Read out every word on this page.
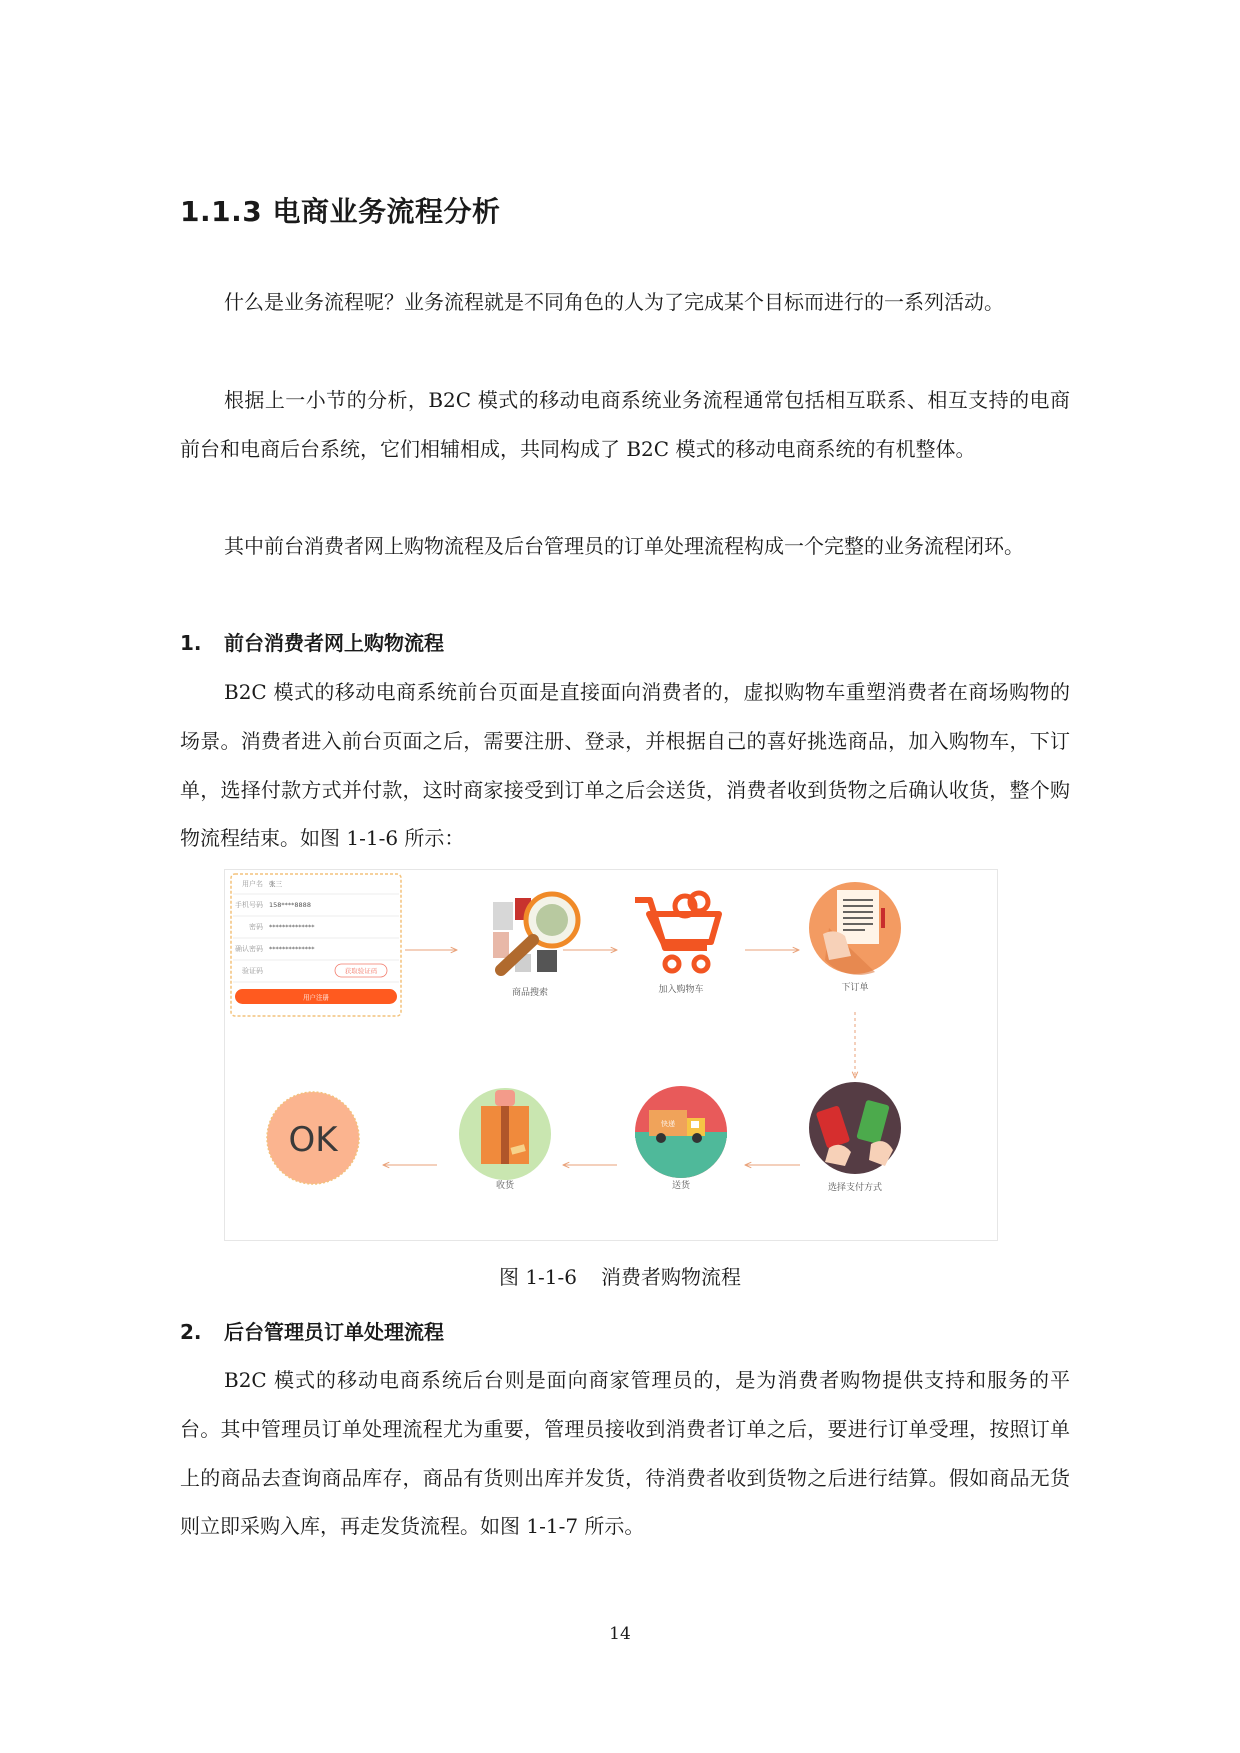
1.1.3 电商业务流程分析

什么是业务流程呢？业务流程就是不同角色的人为了完成某个目标而进行的一系列活动。

根据上一小节的分析，B2C 模式的移动电商系统业务流程通常包括相互联系、相互支持的电商前台和电商后台系统，它们相辅相成，共同构成了 B2C 模式的移动电商系统的有机整体。

其中前台消费者网上购物流程及后台管理员的订单处理流程构成一个完整的业务流程闭环。

1. 前台消费者网上购物流程

B2C 模式的移动电商系统前台页面是直接面向消费者的，虚拟购物车重塑消费者在商场购物的场景。消费者进入前台页面之后，需要注册、登录，并根据自己的喜好挑选商品，加入购物车，下订单，选择付款方式并付款，这时商家接受到订单之后会送货，消费者收到货物之后确认收货，整个购物流程结束。如图 1-1-6 所示：

用户名 张三
手机号码 158****8888
密码 **************
确认密码 **************
验证码	获取验证码
用户注册	商品搜索	加入购物车	下订单
选择支付方式
快递
送货
收货
OK
图 1-1-6 消费者购物流程
2. 后台管理员订单处理流程

B2C 模式的移动电商系统后台则是面向商家管理员的，是为消费者购物提供支持和服务的平台。其中管理员订单处理流程尤为重要，管理员接收到消费者订单之后，要进行订单受理，按照订单上的商品去查询商品库存，商品有货则出库并发货，待消费者收到货物之后进行结算。假如商品无货则立即采购入库，再走发货流程。如图 1-1-7 所示。

14
